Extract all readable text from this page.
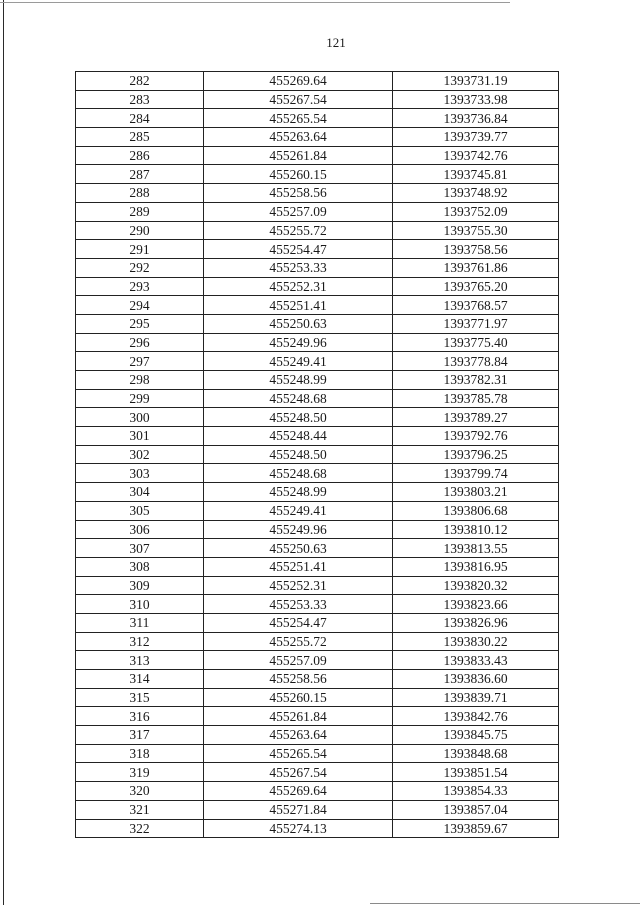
121
282	455269.64	1393731.19
283	455267.54	1393733.98
284	455265.54	1393736.84
285	455263.64	1393739.77
286	455261.84	1393742.76
287	455260.15	1393745.81
288	455258.56	1393748.92
289	455257.09	1393752.09
290	455255.72	1393755.30
291	455254.47	1393758.56
292	455253.33	1393761.86
293	455252.31	1393765.20
294	455251.41	1393768.57
295	455250.63	1393771.97
296	455249.96	1393775.40
297	455249.41	1393778.84
298	455248.99	1393782.31
299	455248.68	1393785.78
300	455248.50	1393789.27
301	455248.44	1393792.76
302	455248.50	1393796.25
303	455248.68	1393799.74
304	455248.99	1393803.21
305	455249.41	1393806.68
306	455249.96	1393810.12
307	455250.63	1393813.55
308	455251.41	1393816.95
309	455252.31	1393820.32
310	455253.33	1393823.66
311	455254.47	1393826.96
312	455255.72	1393830.22
313	455257.09	1393833.43
314	455258.56	1393836.60
315	455260.15	1393839.71
316	455261.84	1393842.76
317	455263.64	1393845.75
318	455265.54	1393848.68
319	455267.54	1393851.54
320	455269.64	1393854.33
321	455271.84	1393857.04
322	455274.13	1393859.67
